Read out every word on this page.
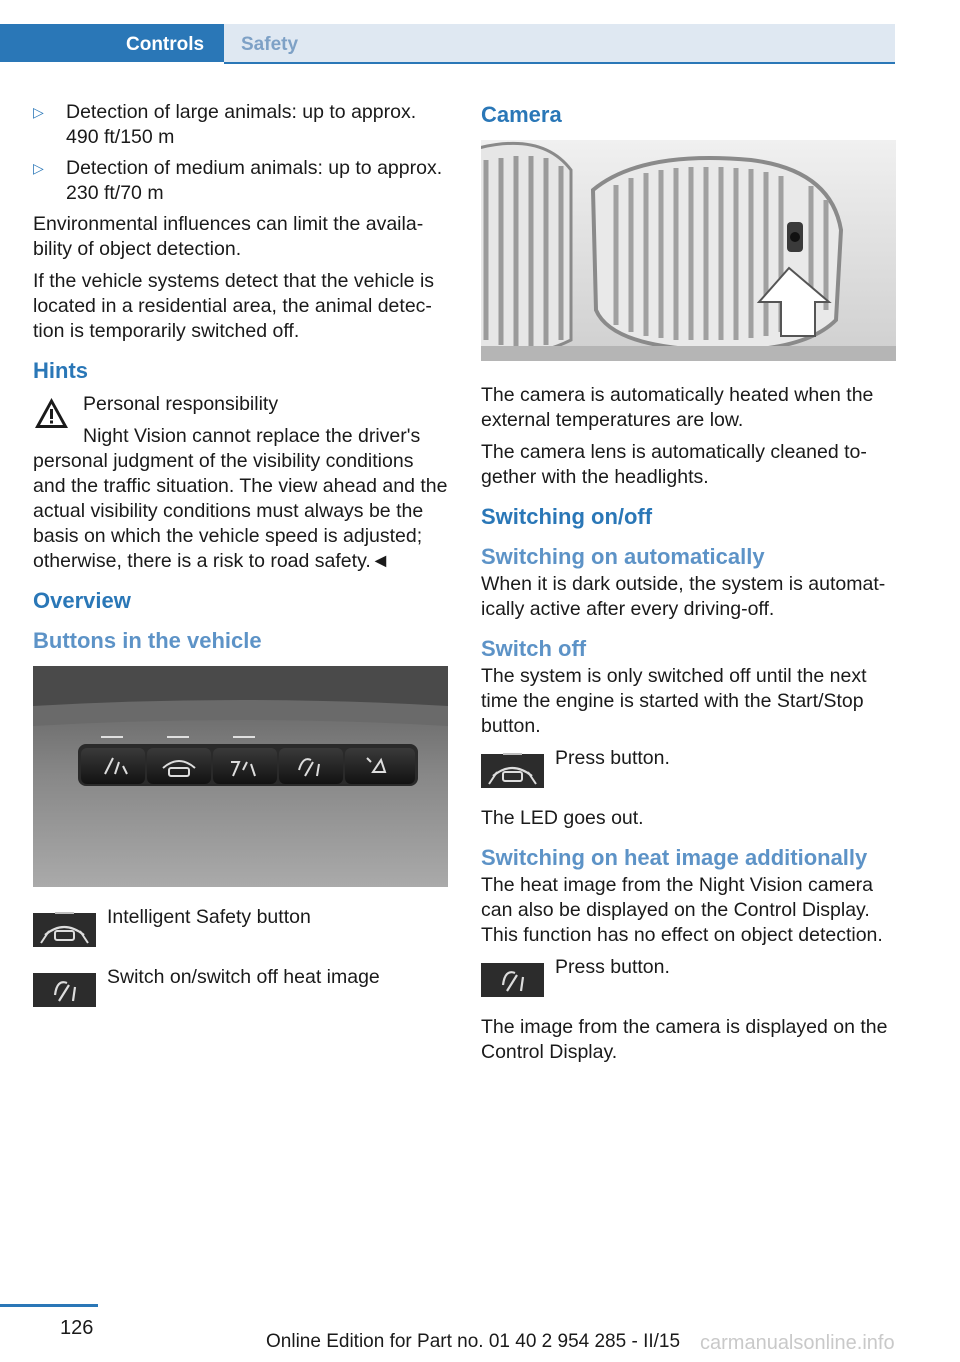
Controls Safety
▷ Detection of large animals: up to approx. 490 ft/150 m
▷ Detection of medium animals: up to approx. 230 ft/70 m

Environmental influences can limit the availability of object detection.

If the vehicle systems detect that the vehicle is located in a residential area, the animal detection is temporarily switched off.

Hints

Personal responsibility

Night Vision cannot replace the driver's personal judgment of the visibility conditions and the traffic situation. The view ahead and the actual visibility conditions must always be the basis on which the vehicle speed is adjusted; otherwise, there is a risk to road safety.◄

Overview
Buttons in the vehicle
Intelligent Safety button
Switch on/switch off heat image
Camera

The camera is automatically heated when the external temperatures are low.

The camera lens is automatically cleaned together with the headlights.

Switching on/off
Switching on automatically

When it is dark outside, the system is automatically active after every driving-off.

Switch off

The system is only switched off until the next time the engine is started with the Start/Stop button.

Press button.

The LED goes out.

Switching on heat image additionally

The heat image from the Night Vision camera can also be displayed on the Control Display. This function has no effect on object detection.

Press button.

The image from the camera is displayed on the Control Display.

126
Online Edition for Part no. 01 40 2 954 285 - II/15 carmanualsonline.info
